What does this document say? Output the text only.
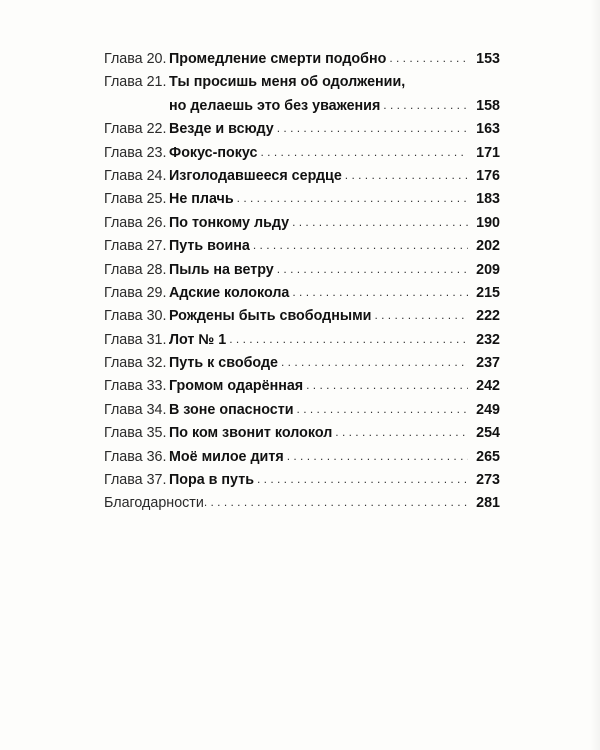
Глава 20. Промедление смерти подобно . . .	153
Глава 21. Ты просишь меня об одолжении,
но делаешь это без уважения . . .	158
Глава 22. Везде и всюду . . .	163
Глава 23. Фокус-покус . . .	171
Глава 24. Изголодавшееся сердце . . .	176
Глава 25. Не плачь . . .	183
Глава 26. По тонкому льду . . .	190
Глава 27. Путь воина . . .	202
Глава 28. Пыль на ветру . . .	209
Глава 29. Адские колокола . . .	215
Глава 30. Рождены быть свободными . . .	222
Глава 31. Лот № 1 . . .	232
Глава 32. Путь к свободе . . .	237
Глава 33. Громом одарённая . . .	242
Глава 34. В зоне опасности . . .	249
Глава 35. По ком звонит колокол . . .	254
Глава 36. Моё милое дитя . . .	265
Глава 37. Пора в путь . . .	273
Благодарности . . .	281
